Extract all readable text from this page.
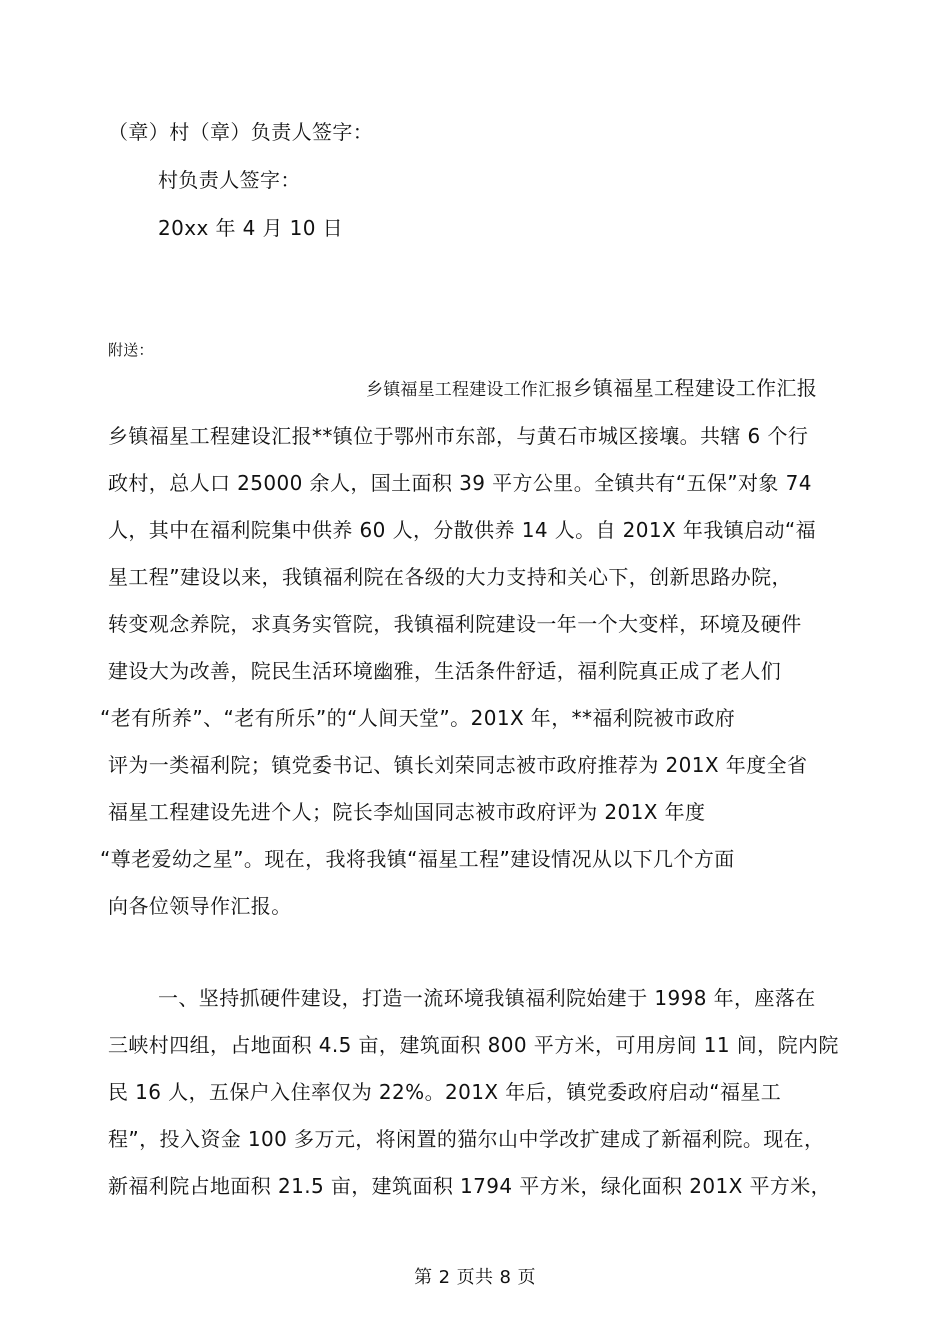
（章）村（章）负责人签字：
村负责人签字：
20xx 年 4 月 10 日
附送：
乡镇福星工程建设工作汇报乡镇福星工程建设工作汇报
乡镇福星工程建设汇报**镇位于鄂州市东部，与黄石市城区接壤。共辖 6 个行
政村，总人口 25000 余人，国土面积 39 平方公里。全镇共有“五保”对象 74
人，其中在福利院集中供养 60 人，分散供养 14 人。自 201X 年我镇启动“福
星工程”建设以来，我镇福利院在各级的大力支持和关心下，创新思路办院，
转变观念养院，求真务实管院，我镇福利院建设一年一个大变样，环境及硬件
建设大为改善，院民生活环境幽雅，生活条件舒适，福利院真正成了老人们
“老有所养”、“老有所乐”的“人间天堂”。201X 年，**福利院被市政府
评为一类福利院；镇党委书记、镇长刘荣同志被市政府推荐为 201X 年度全省
福星工程建设先进个人；院长李灿国同志被市政府评为 201X 年度
“尊老爱幼之星”。现在，我将我镇“福星工程”建设情况从以下几个方面
向各位领导作汇报。
一、坚持抓硬件建设，打造一流环境我镇福利院始建于 1998 年，座落在
三峡村四组，占地面积 4.5 亩，建筑面积 800 平方米，可用房间 11 间，院内院
民 16 人，五保户入住率仅为 22%。201X 年后，镇党委政府启动“福星工
程”，投入资金 100 多万元，将闲置的猫尔山中学改扩建成了新福利院。现在，
新福利院占地面积 21.5 亩，建筑面积 1794 平方米，绿化面积 201X 平方米，
第 2 页共 8 页
